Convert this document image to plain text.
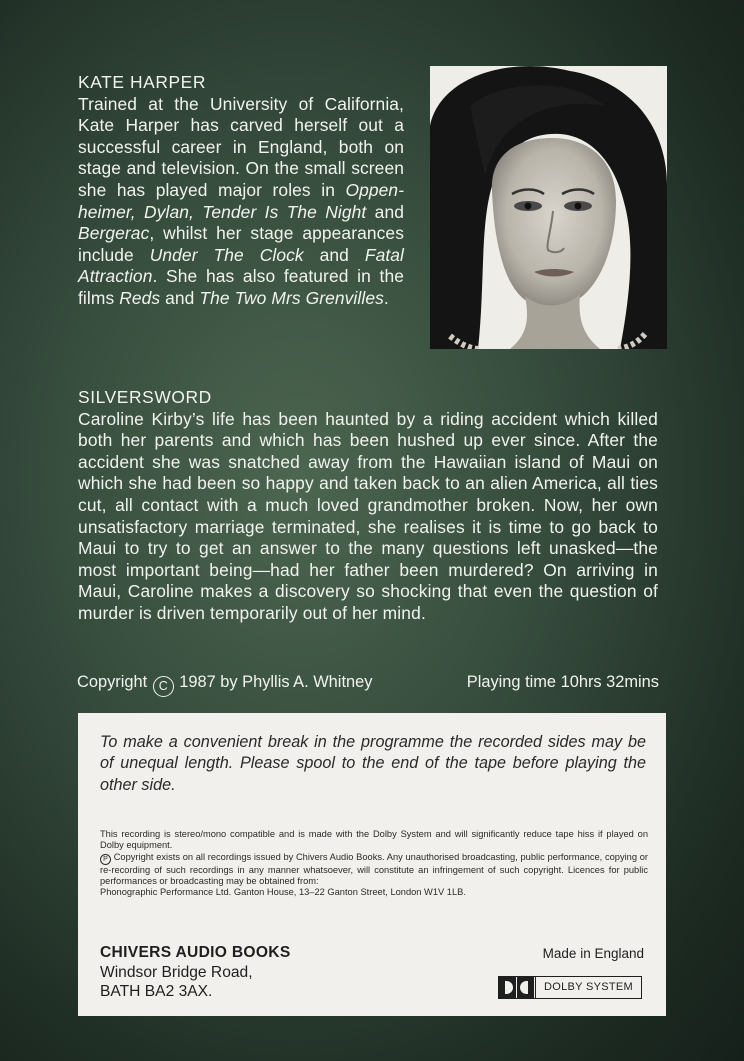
KATE HARPER
Trained at the University of California, Kate Harper has carved herself out a successful career in England, both on stage and television. On the small screen she has played major roles in Oppenheimer, Dylan, Tender Is The Night and Bergerac, whilst her stage appearances include Under The Clock and Fatal Attraction. She has also featured in the films Reds and The Two Mrs Grenvilles.
SILVERSWORD
Caroline Kirby’s life has been haunted by a riding accident which killed both her parents and which has been hushed up ever since. After the accident she was snatched away from the Hawaiian island of Maui on which she had been so happy and taken back to an alien America, all ties cut, all contact with a much loved grandmother broken. Now, her own unsatisfactory marriage terminated, she realises it is time to go back to Maui to try to get an answer to the many questions left unasked—the most important being—had her father been murdered? On arriving in Maui, Caroline makes a discovery so shocking that even the question of murder is driven temporarily out of her mind.
Copyright C 1987 by Phyllis A. Whitney	Playing time 10hrs 32mins
To make a convenient break in the programme the recorded sides may be of unequal length. Please spool to the end of the tape before playing the other side.

This recording is stereo/mono compatible and is made with the Dolby System and will significantly reduce tape hiss if played on Dolby equipment.

P Copyright exists on all recordings issued by Chivers Audio Books. Any unauthorised broadcasting, public performance, copying or re-recording of such recordings in any manner whatsoever, will constitute an infringement of such copyright. Licences for public performances or broadcasting may be obtained from:

Phonographic Performance Ltd. Ganton House, 13–22 Ganton Street, London W1V 1LB.

CHIVERS AUDIO BOOKS
Windsor Bridge Road,
BATH BA2 3AX.
Made in England
DOLBY SYSTEM
